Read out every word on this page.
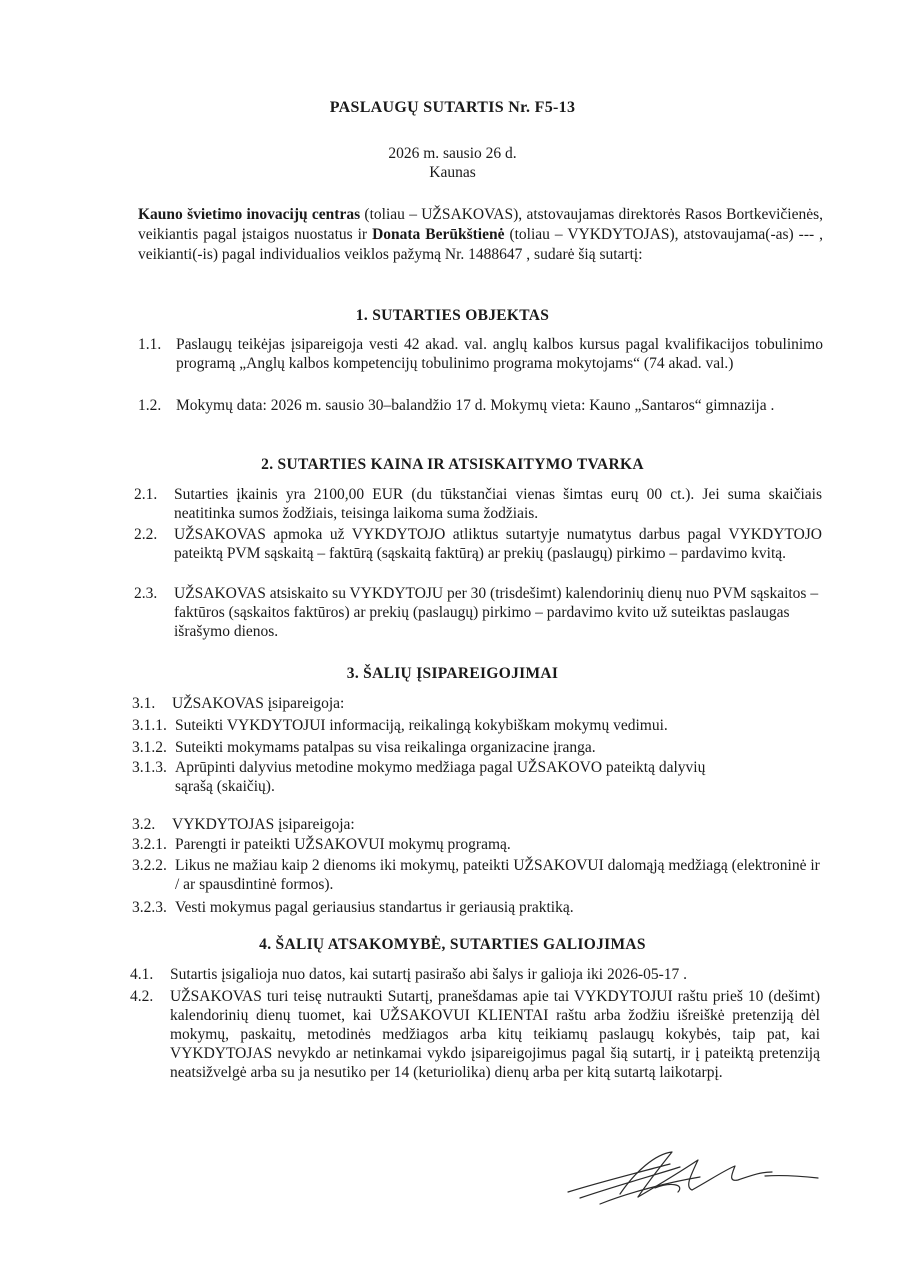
PASLAUGŲ SUTARTIS Nr. F5-13
2026 m. sausio 26 d.
Kaunas
Kauno švietimo inovacijų centras (toliau – UŽSAKOVAS), atstovaujamas direktorės Rasos Bortkevičienės, veikiantis pagal įstaigos nuostatus ir Donata Berūkštienė (toliau – VYKDYTOJAS), atstovaujama(-as) --- , veikianti(-is) pagal individualios veiklos pažymą Nr. 1488647 , sudarė šią sutartį:
1. SUTARTIES OBJEKTAS
1.1. Paslaugų teikėjas įsipareigoja vesti 42 akad. val. anglų kalbos kursus pagal kvalifikacijos tobulinimo programą „Anglų kalbos kompetencijų tobulinimo programa mokytojams“ (74 akad. val.)
1.2. Mokymų data: 2026 m. sausio 30–balandžio 17 d. Mokymų vieta: Kauno „Santaros“ gimnazija .
2. SUTARTIES KAINA IR ATSISKAITYMO TVARKA
2.1. Sutarties įkainis yra 2100,00 EUR (du tūkstančiai vienas šimtas eurų 00 ct.). Jei suma skaičiais neatitinka sumos žodžiais, teisinga laikoma suma žodžiais.
2.2. UŽSAKOVAS apmoka už VYKDYTOJO atliktus sutartyje numatytus darbus pagal VYKDYTOJO pateiktą PVM sąskaitą – faktūrą (sąskaitą faktūrą) ar prekių (paslaugų) pirkimo – pardavimo kvitą.
2.3. UŽSAKOVAS atsiskaito su VYKDYTOJU per 30 (trisdešimt) kalendorinių dienų nuo PVM sąskaitos – faktūros (sąskaitos faktūros) ar prekių (paslaugų) pirkimo – pardavimo kvito už suteiktas paslaugas išrašymo dienos.
3. ŠALIŲ ĮSIPAREIGOJIMAI
3.1. UŽSAKOVAS įsipareigoja:
3.1.1. Suteikti VYKDYTOJUI informaciją, reikalingą kokybiškam mokymų vedimui.
3.1.2. Suteikti mokymams patalpas su visa reikalinga organizacine įranga.
3.1.3. Aprūpinti dalyvius metodine mokymo medžiaga pagal UŽSAKOVO pateiktą dalyvių sąrašą (skaičių).
3.2. VYKDYTOJAS įsipareigoja:
3.2.1. Parengti ir pateikti UŽSAKOVUI mokymų programą.
3.2.2. Likus ne mažiau kaip 2 dienoms iki mokymų, pateikti UŽSAKOVUI dalomąją medžiagą (elektroninė ir / ar spausdintinė formos).
3.2.3. Vesti mokymus pagal geriausius standartus ir geriausią praktiką.
4. ŠALIŲ ATSAKOMYBĖ, SUTARTIES GALIOJIMAS
4.1. Sutartis įsigalioja nuo datos, kai sutartį pasirašo abi šalys ir galioja iki 2026-05-17 .
4.2. UŽSAKOVAS turi teisę nutraukti Sutartį, pranešdamas apie tai VYKDYTOJUI raštu prieš 10 (dešimt) kalendorinių dienų tuomet, kai UŽSAKOVUI KLIENTAI raštu arba žodžiu išreiškė pretenziją dėl mokymų, paskaitų, metodinės medžiagos arba kitų teikiamų paslaugų kokybės, taip pat, kai VYKDYTOJAS nevykdo ar netinkamai vykdo įsipareigojimus pagal šią sutartį, ir į pateiktą pretenziją neatsižvelgė arba su ja nesutiko per 14 (keturiolika) dienų arba per kitą sutartą laikotarpį.
